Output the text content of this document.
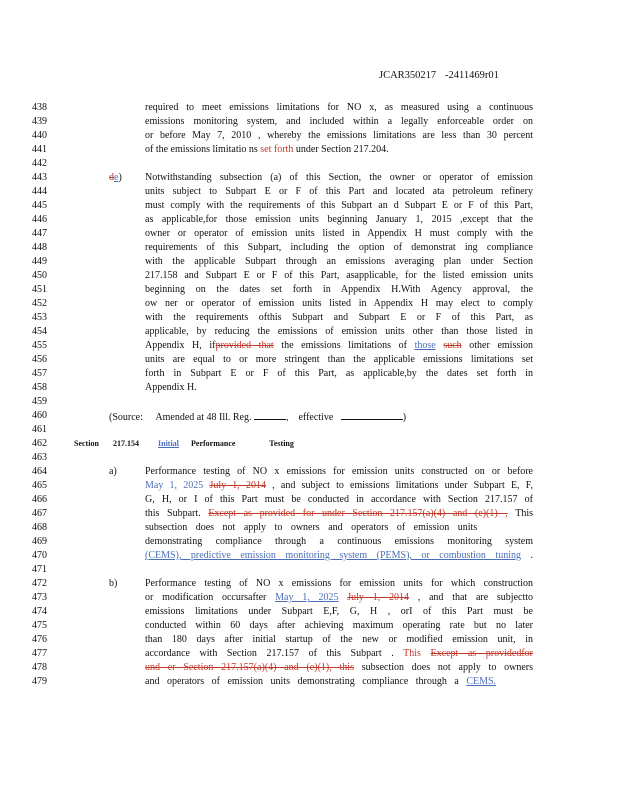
JCAR350217 -2411469r01
438	required to meet emissions limitations for NO x, as measured using a continuous
439	emissions monitoring system, and included within a legally enforceable order on
440	or before May 7, 2010 , whereby the emissions limitations are less than 30 percent
441	of the emissions limitatio ns set forth under Section 217.204.
442
443	de) Notwithstanding subsection (a) of this Section, the owner or operator of emission
444	units subject to Subpart E or F of this Part and located ata petroleum refinery
445	must comply with the requirements of this Subpart an d Subpart E or F of this Part,
446	as applicable,for those emission units beginning January 1, 2015 ,except that the
447	owner or operator of emission units listed in Appendix H must comply with the
448	requirements of this Subpart, including the option of demonstrat ing compliance
449	with the applicable Subpart through an emissions averaging plan under Section
450	217.158 and Subpart E or F of this Part, asapplicable, for the listed emission units
451	beginning on the dates set forth in Appendix H.With Agency approval, the
452	ow ner or operator of emission units listed in Appendix H may elect to comply
453	with the requirements ofthis Subpart and Subpart E or F of this Part, as
454	applicable, by reducing the emissions of emission units other than those listed in
455	Appendix H, ifprovided that the emissions limitations of those such other emission
456	units are equal to or more stringent than the applicable emissions limitations set
457	forth in Subpart E or F of this Part, as applicable,by the dates set forth in
458	Appendix H.
459
460	(Source: Amended at 48 Ill. Reg.	,    effective	)
461
462	Section 217.154 Initial Performance Testing
463
464	a)	Performance testing of NO x emissions for emission units constructed on or before
465	May 1, 2025 July 1, 2014 , and subject to emissions limitations under Subpart E, F,
466	G, H, or I of this Part must be conducted in accordance with Section 217.157 of
467	this Subpart. Except as provided for under Section 217.157(a)(4) and (e)(1) , This
468	subsection does not apply to owners and operators of emission units
469	demonstrating compliance through a continuous emissions monitoring system
470	(CEMS), predictive emission monitoring system (PEMS), or combustion tuning .
471
472	b)	Performance testing of NO x emissions for emission units for which construction
473	or modification occursafter May 1, 2025 July 1, 2014 , and that are subjectto
474	emissions limitations under Subpart E,F, G, H , orI of this Part must be
475	conducted within 60 days after achieving maximum operating rate but no later
476	than 180 days after initial startup of the new or modified emission unit, in
477	accordance with Section 217.157 of this Subpart . This Except as providedfor
478	und er Section 217.157(a)(4) and (e)(1), this subsection does not apply to owners
479	and operators of emission units demonstrating compliance through a CEMS.
